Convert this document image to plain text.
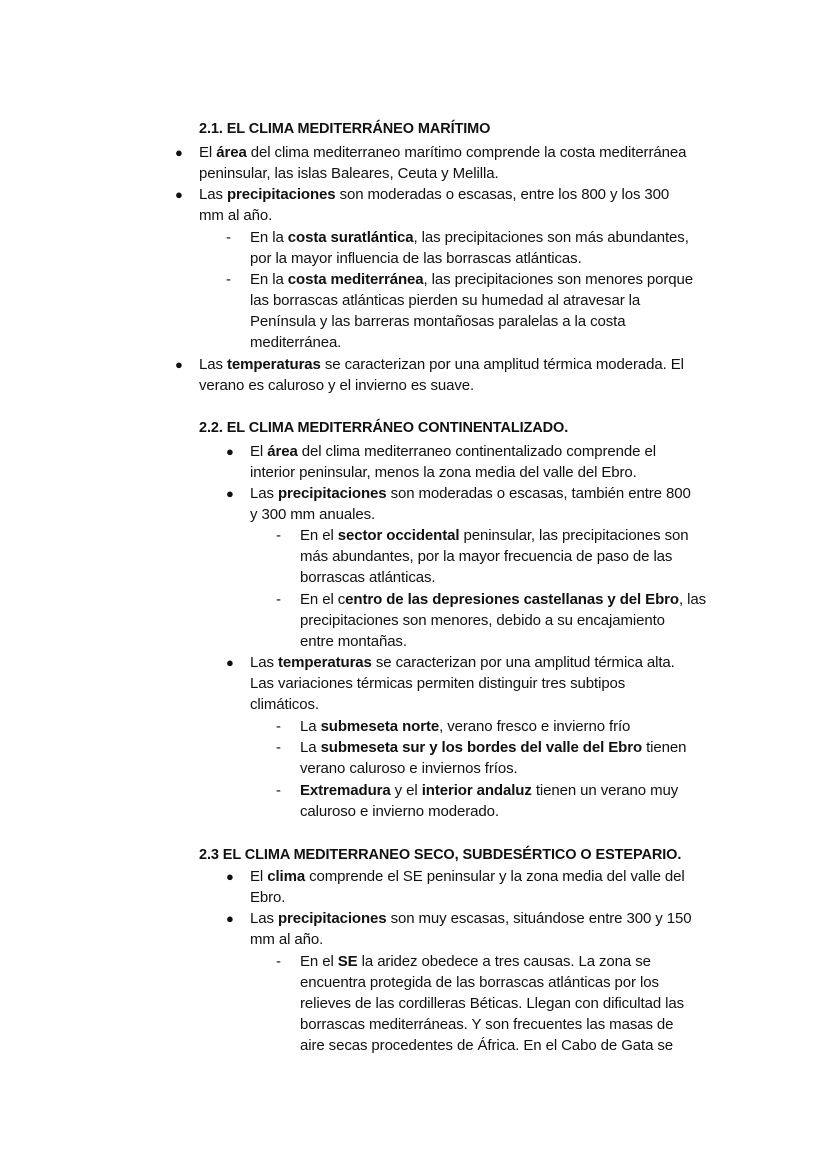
2.1. EL CLIMA MEDITERRÁNEO MARÍTIMO
● El área del clima mediterraneo marítimo comprende la costa mediterránea
peninsular, las islas Baleares, Ceuta y Melilla.
● Las precipitaciones son moderadas o escasas, entre los 800 y los 300
mm al año.
- En la costa suratlántica, las precipitaciones son más abundantes,
por la mayor influencia de las borrascas atlánticas.
- En la costa mediterránea, las precipitaciones son menores porque
las borrascas atlánticas pierden su humedad al atravesar la
Península y las barreras montañosas paralelas a la costa
mediterránea.
● Las temperaturas se caracterizan por una amplitud térmica moderada. El
verano es caluroso y el invierno es suave.
2.2. EL CLIMA MEDITERRÁNEO CONTINENTALIZADO.
● El área del clima mediterraneo continentalizado comprende el
interior peninsular, menos la zona media del valle del Ebro.
● Las precipitaciones son moderadas o escasas, también entre 800
y 300 mm anuales.
- En el sector occidental peninsular, las precipitaciones son
más abundantes, por la mayor frecuencia de paso de las
borrascas atlánticas.
- En el centro de las depresiones castellanas y del Ebro, las
precipitaciones son menores, debido a su encajamiento
entre montañas.
● Las temperaturas se caracterizan por una amplitud térmica alta.
Las variaciones térmicas permiten distinguir tres subtipos
climáticos.
- La submeseta norte, verano fresco e invierno frío
- La submeseta sur y los bordes del valle del Ebro tienen
verano caluroso e inviernos fríos.
- Extremadura y el interior andaluz tienen un verano muy
caluroso e invierno moderado.
2.3 EL CLIMA MEDITERRANEO SECO, SUBDESÉRTICO O ESTEPARIO.
● El clima comprende el SE peninsular y la zona media del valle del
Ebro.
● Las precipitaciones son muy escasas, situándose entre 300 y 150
mm al año.
- En el SE la aridez obedece a tres causas. La zona se
encuentra protegida de las borrascas atlánticas por los
relieves de las cordilleras Béticas. Llegan con dificultad las
borrascas mediterráneas. Y son frecuentes las masas de
aire secas procedentes de África. En el Cabo de Gata se
